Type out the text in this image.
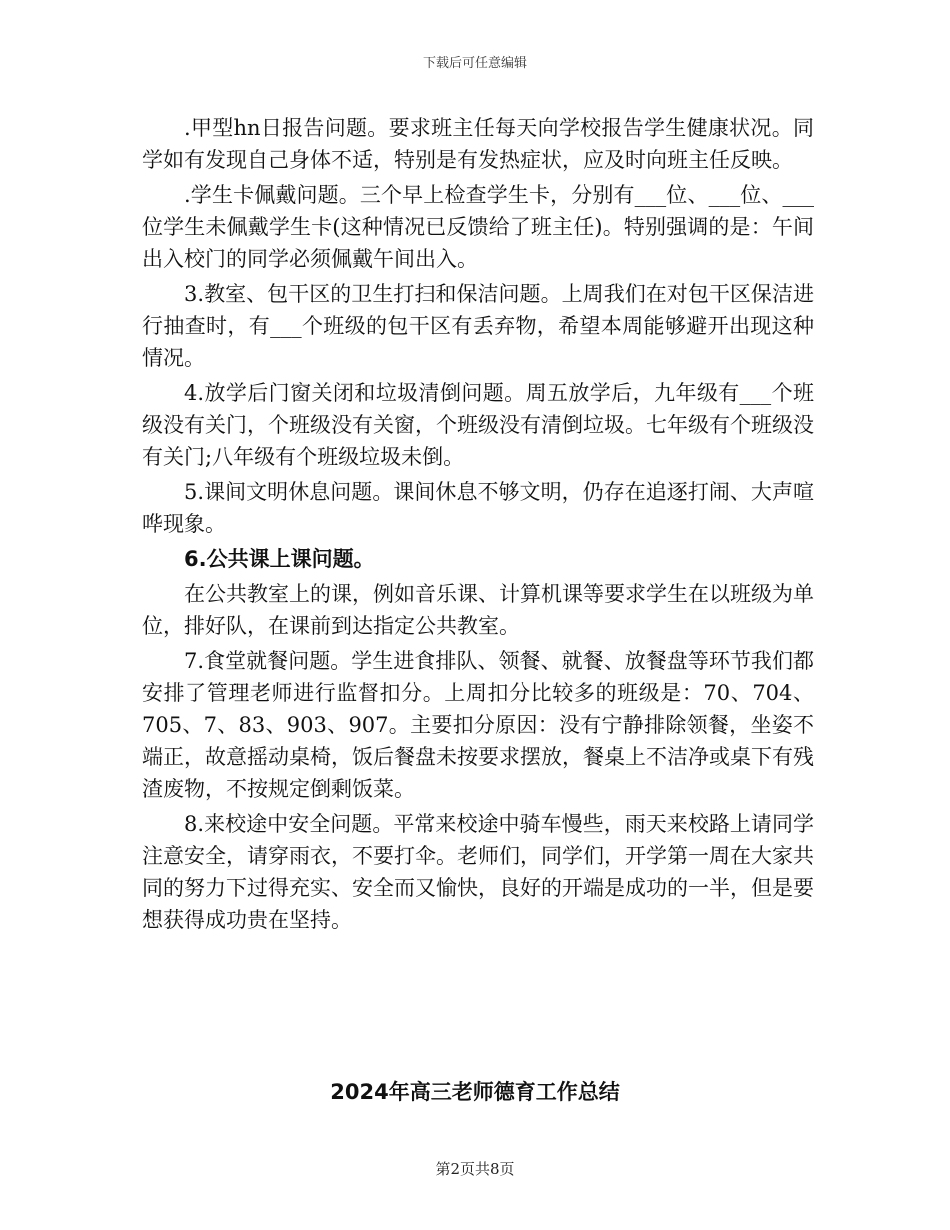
下载后可任意编辑

.甲型hn日报告问题。要求班主任每天向学校报告学生健康状况。同学如有发现自己身体不适，特别是有发热症状，应及时向班主任反映。

.学生卡佩戴问题。三个早上检查学生卡，分别有___位、___位、___位学生未佩戴学生卡(这种情况已反馈给了班主任)。特别强调的是：午间出入校门的同学必须佩戴午间出入。

3.教室、包干区的卫生打扫和保洁问题。上周我们在对包干区保洁进行抽查时，有___个班级的包干区有丢弃物，希望本周能够避开出现这种情况。

4.放学后门窗关闭和垃圾清倒问题。周五放学后，九年级有___个班级没有关门，个班级没有关窗，个班级没有清倒垃圾。七年级有个班级没有关门;八年级有个班级垃圾未倒。

5.课间文明休息问题。课间休息不够文明，仍存在追逐打闹、大声喧哗现象。

6.公共课上课问题。

在公共教室上的课，例如音乐课、计算机课等要求学生在以班级为单位，排好队，在课前到达指定公共教室。

7.食堂就餐问题。学生进食排队、领餐、就餐、放餐盘等环节我们都安排了管理老师进行监督扣分。上周扣分比较多的班级是：70、704、705、7、83、903、907。主要扣分原因：没有宁静排除领餐，坐姿不端正，故意摇动桌椅，饭后餐盘未按要求摆放，餐桌上不洁净或桌下有残渣废物，不按规定倒剩饭菜。

8.来校途中安全问题。平常来校途中骑车慢些，雨天来校路上请同学注意安全，请穿雨衣，不要打伞。老师们，同学们，开学第一周在大家共同的努力下过得充实、安全而又愉快，良好的开端是成功的一半，但是要想获得成功贵在坚持。

2024年高三老师德育工作总结
第2页共8页
